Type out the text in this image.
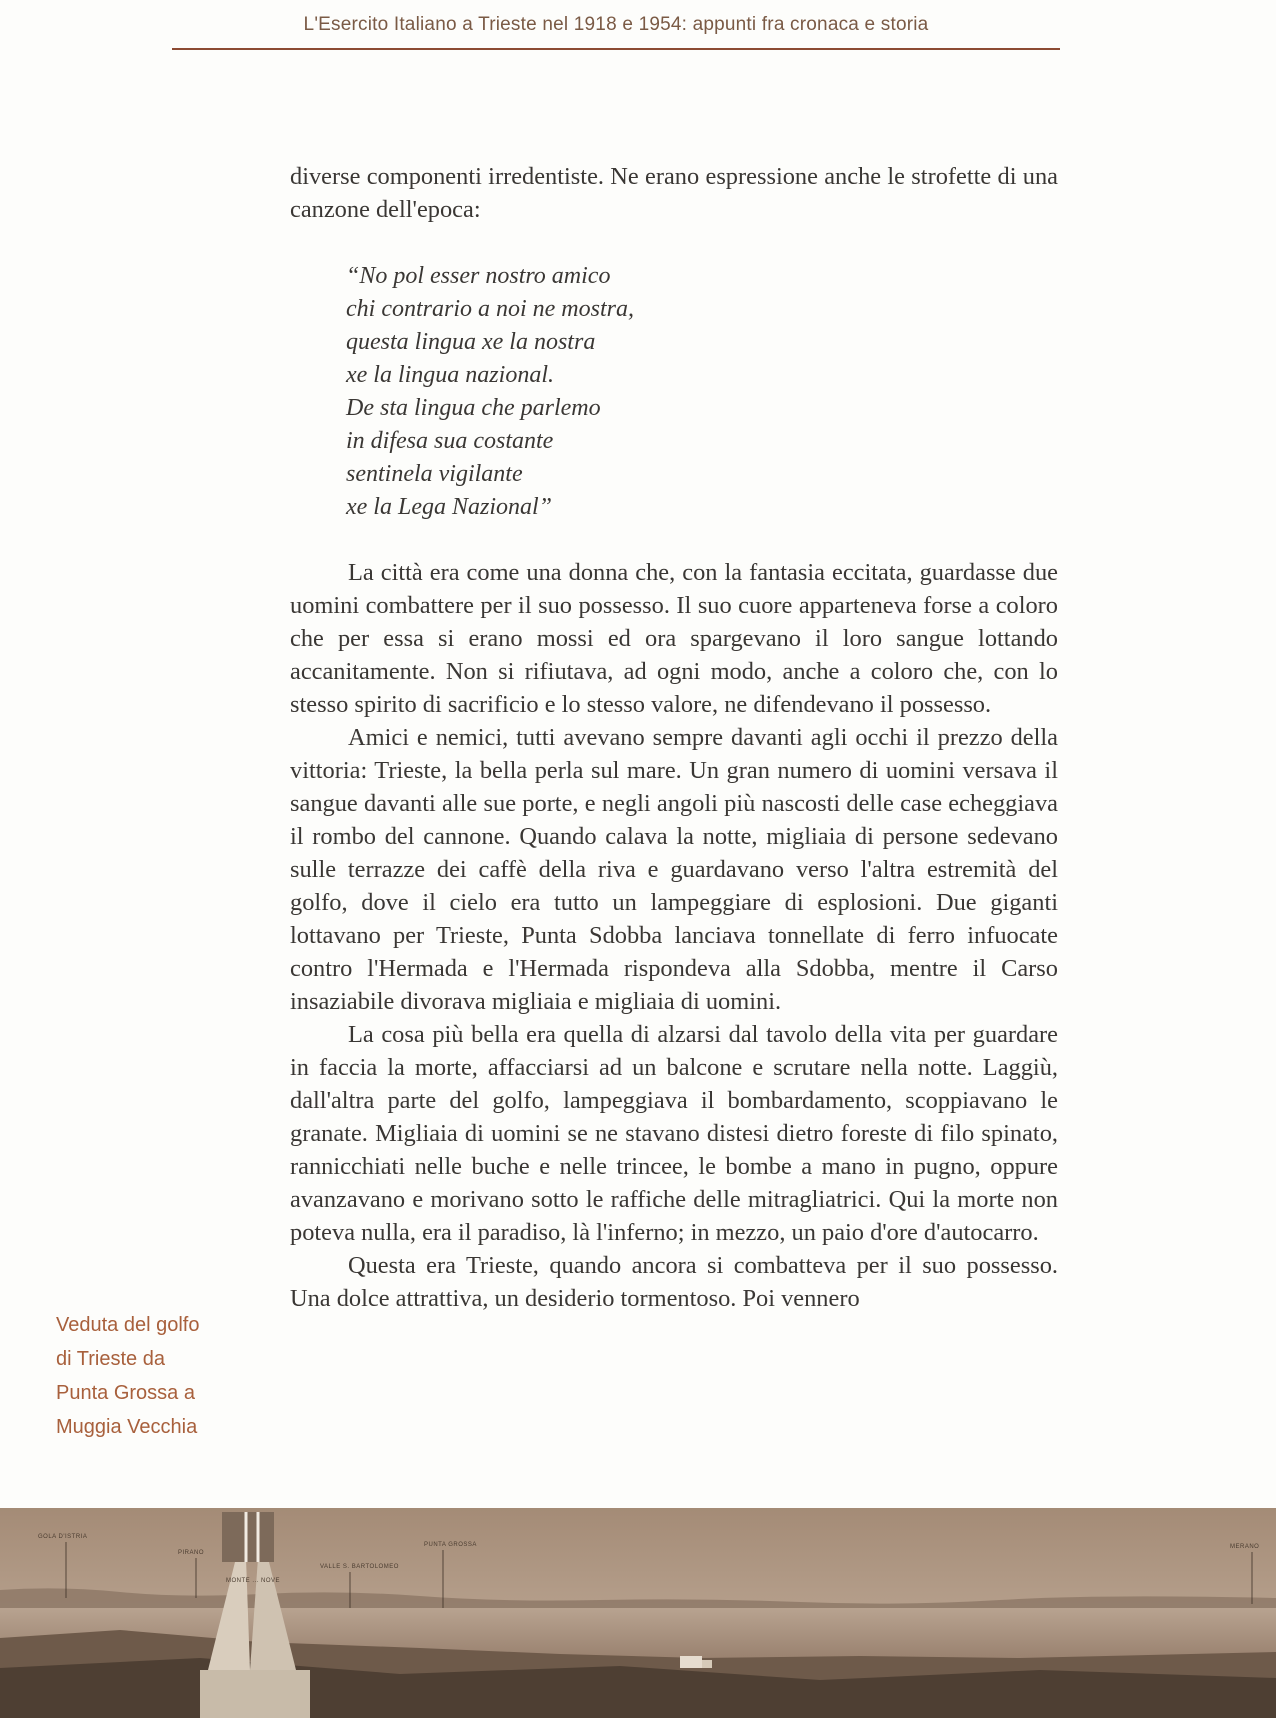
L'Esercito Italiano a Trieste nel 1918 e 1954: appunti fra cronaca e storia

diverse componenti irredentiste. Ne erano espressione anche le strofette di una canzone dell'epoca:

“No pol esser nostro amico
chi contrario a noi ne mostra,
questa lingua xe la nostra
xe la lingua nazional.
De sta lingua che parlemo
in difesa sua costante
sentinela vigilante
xe la Lega Nazional”

La città era come una donna che, con la fantasia eccitata, guardasse due uomini combattere per il suo possesso. Il suo cuore apparteneva forse a coloro che per essa si erano mossi ed ora spargevano il loro sangue lottando accanitamente. Non si rifiutava, ad ogni modo, anche a coloro che, con lo stesso spirito di sacrificio e lo stesso valore, ne difendevano il possesso.

Amici e nemici, tutti avevano sempre davanti agli occhi il prezzo della vittoria: Trieste, la bella perla sul mare. Un gran numero di uomini versava il sangue davanti alle sue porte, e negli angoli più nascosti delle case echeggiava il rombo del cannone. Quando calava la notte, migliaia di persone sedevano sulle terrazze dei caffè della riva e guardavano verso l'altra estremità del golfo, dove il cielo era tutto un lampeggiare di esplosioni. Due giganti lottavano per Trieste, Punta Sdobba lanciava tonnellate di ferro infuocate contro l'Hermada e l'Hermada rispondeva alla Sdobba, mentre il Carso insaziabile divorava migliaia e migliaia di uomini.

La cosa più bella era quella di alzarsi dal tavolo della vita per guardare in faccia la morte, affacciarsi ad un balcone e scrutare nella notte. Laggiù, dall'altra parte del golfo, lampeggiava il bombardamento, scoppiavano le granate. Migliaia di uomini se ne stavano distesi dietro foreste di filo spinato, rannicchiati nelle buche e nelle trincee, le bombe a mano in pugno, oppure avanzavano e morivano sotto le raffiche delle mitragliatrici. Qui la morte non poteva nulla, era il paradiso, là l'inferno; in mezzo, un paio d'ore d'autocarro.

Questa era Trieste, quando ancora si combatteva per il suo possesso. Una dolce attrattiva, un desiderio tormentoso. Poi vennero

Veduta del golfo
di Trieste da
Punta Grossa a
Muggia Vecchia
GOLA D'ISTRIA
PIRANO
MONTE ... NOVE
PUNTA GROSSA
VALLE S. BARTOLOMEO
MERANO
